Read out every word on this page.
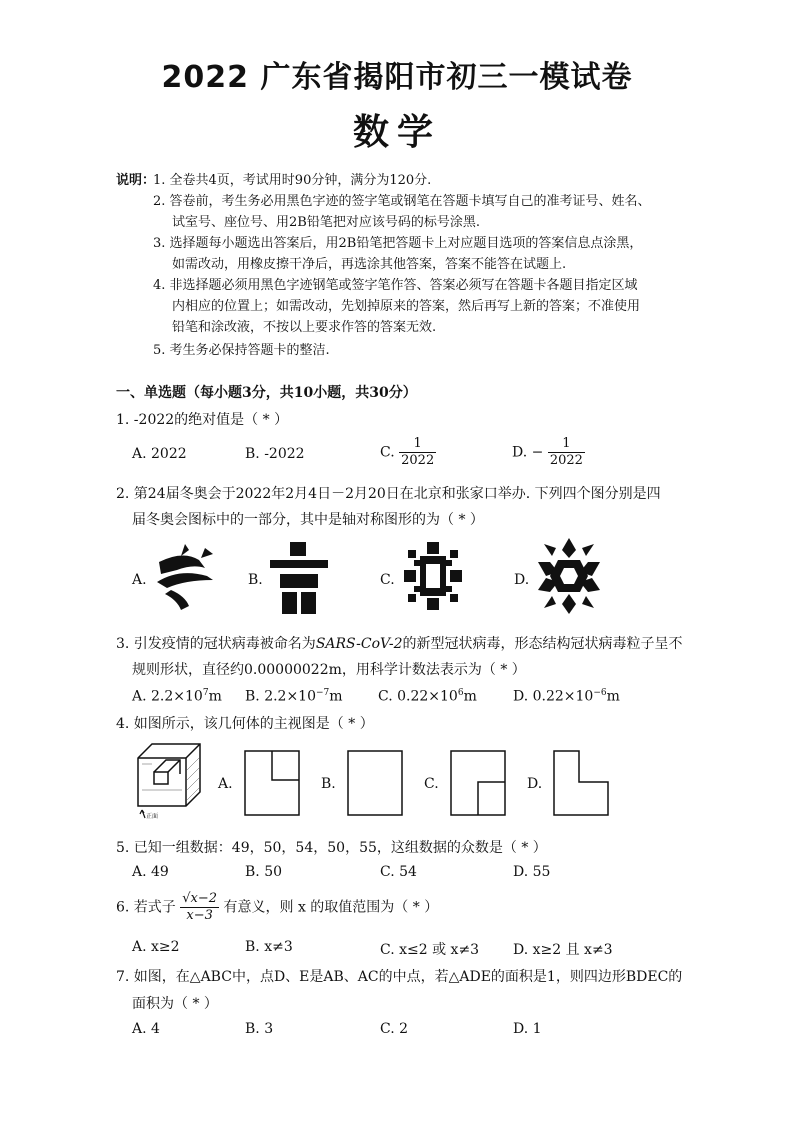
2022 广东省揭阳市初三一模试卷
数学
说明：
1. 全卷共4页，考试用时90分钟，满分为120分.
2. 答卷前，考生务必用黑色字迹的签字笔或钢笔在答题卡填写自己的准考证号、姓名、
试室号、座位号、用2B铅笔把对应该号码的标号涂黑.
3. 选择题每小题选出答案后，用2B铅笔把答题卡上对应题目选项的答案信息点涂黑，
如需改动，用橡皮擦干净后，再选涂其他答案，答案不能答在试题上.
4. 非选择题必须用黑色字迹钢笔或签字笔作答、答案必须写在答题卡各题目指定区域
内相应的位置上；如需改动，先划掉原来的答案，然后再写上新的答案；不准使用
铅笔和涂改液，不按以上要求作答的答案无效.
5. 考生务必保持答题卡的整洁.
一、单选题（每小题3分，共10小题，共30分）
1. -2022的绝对值是（ * ）
A. 2022	B. -2022	C. $\frac{1}{2022}$	D. − $\frac{1}{2022}$
2. 第24届冬奥会于2022年2月4日－2月20日在北京和张家口举办. 下列四个图分别是四
届冬奥会图标中的一部分，其中是轴对称图形的为（ * ）
A.	B.	C.	D.
3. 引发疫情的冠状病毒被命名为SARS-CoV-2的新型冠状病毒，形态结构冠状病毒粒子呈不
规则形状，直径约0.00000022m，用科学计数法表示为（ * ）
A. $2.2\times 10^7m$ B. $2.2\times 10^{-7}m$	C. $0.22\times 10^6m$	D. $0.22\times 10^{-6}m$
4. 如图所示，该几何体的主视图是（ * ）
正面
A.	B.	C.	D.
5. 已知一组数据：49，50，54，50，55，这组数据的众数是（ * ）
A. 49	B. 50	C. 54	D. 55
6. 若式子 $\frac{√x-2}{x-3}$ 有意义，则 x 的取值范围为（ * ）
A. x≥2	B. x≠3	C. x≤2 或 x≠3 D. x≥2 且 x≠3
7. 如图，在△ABC中，点D、E是AB、AC的中点，若△ADE的面积是1，则四边形BDEC的
面积为（ * ）
A. 4	B. 3	C. 2	D. 1
